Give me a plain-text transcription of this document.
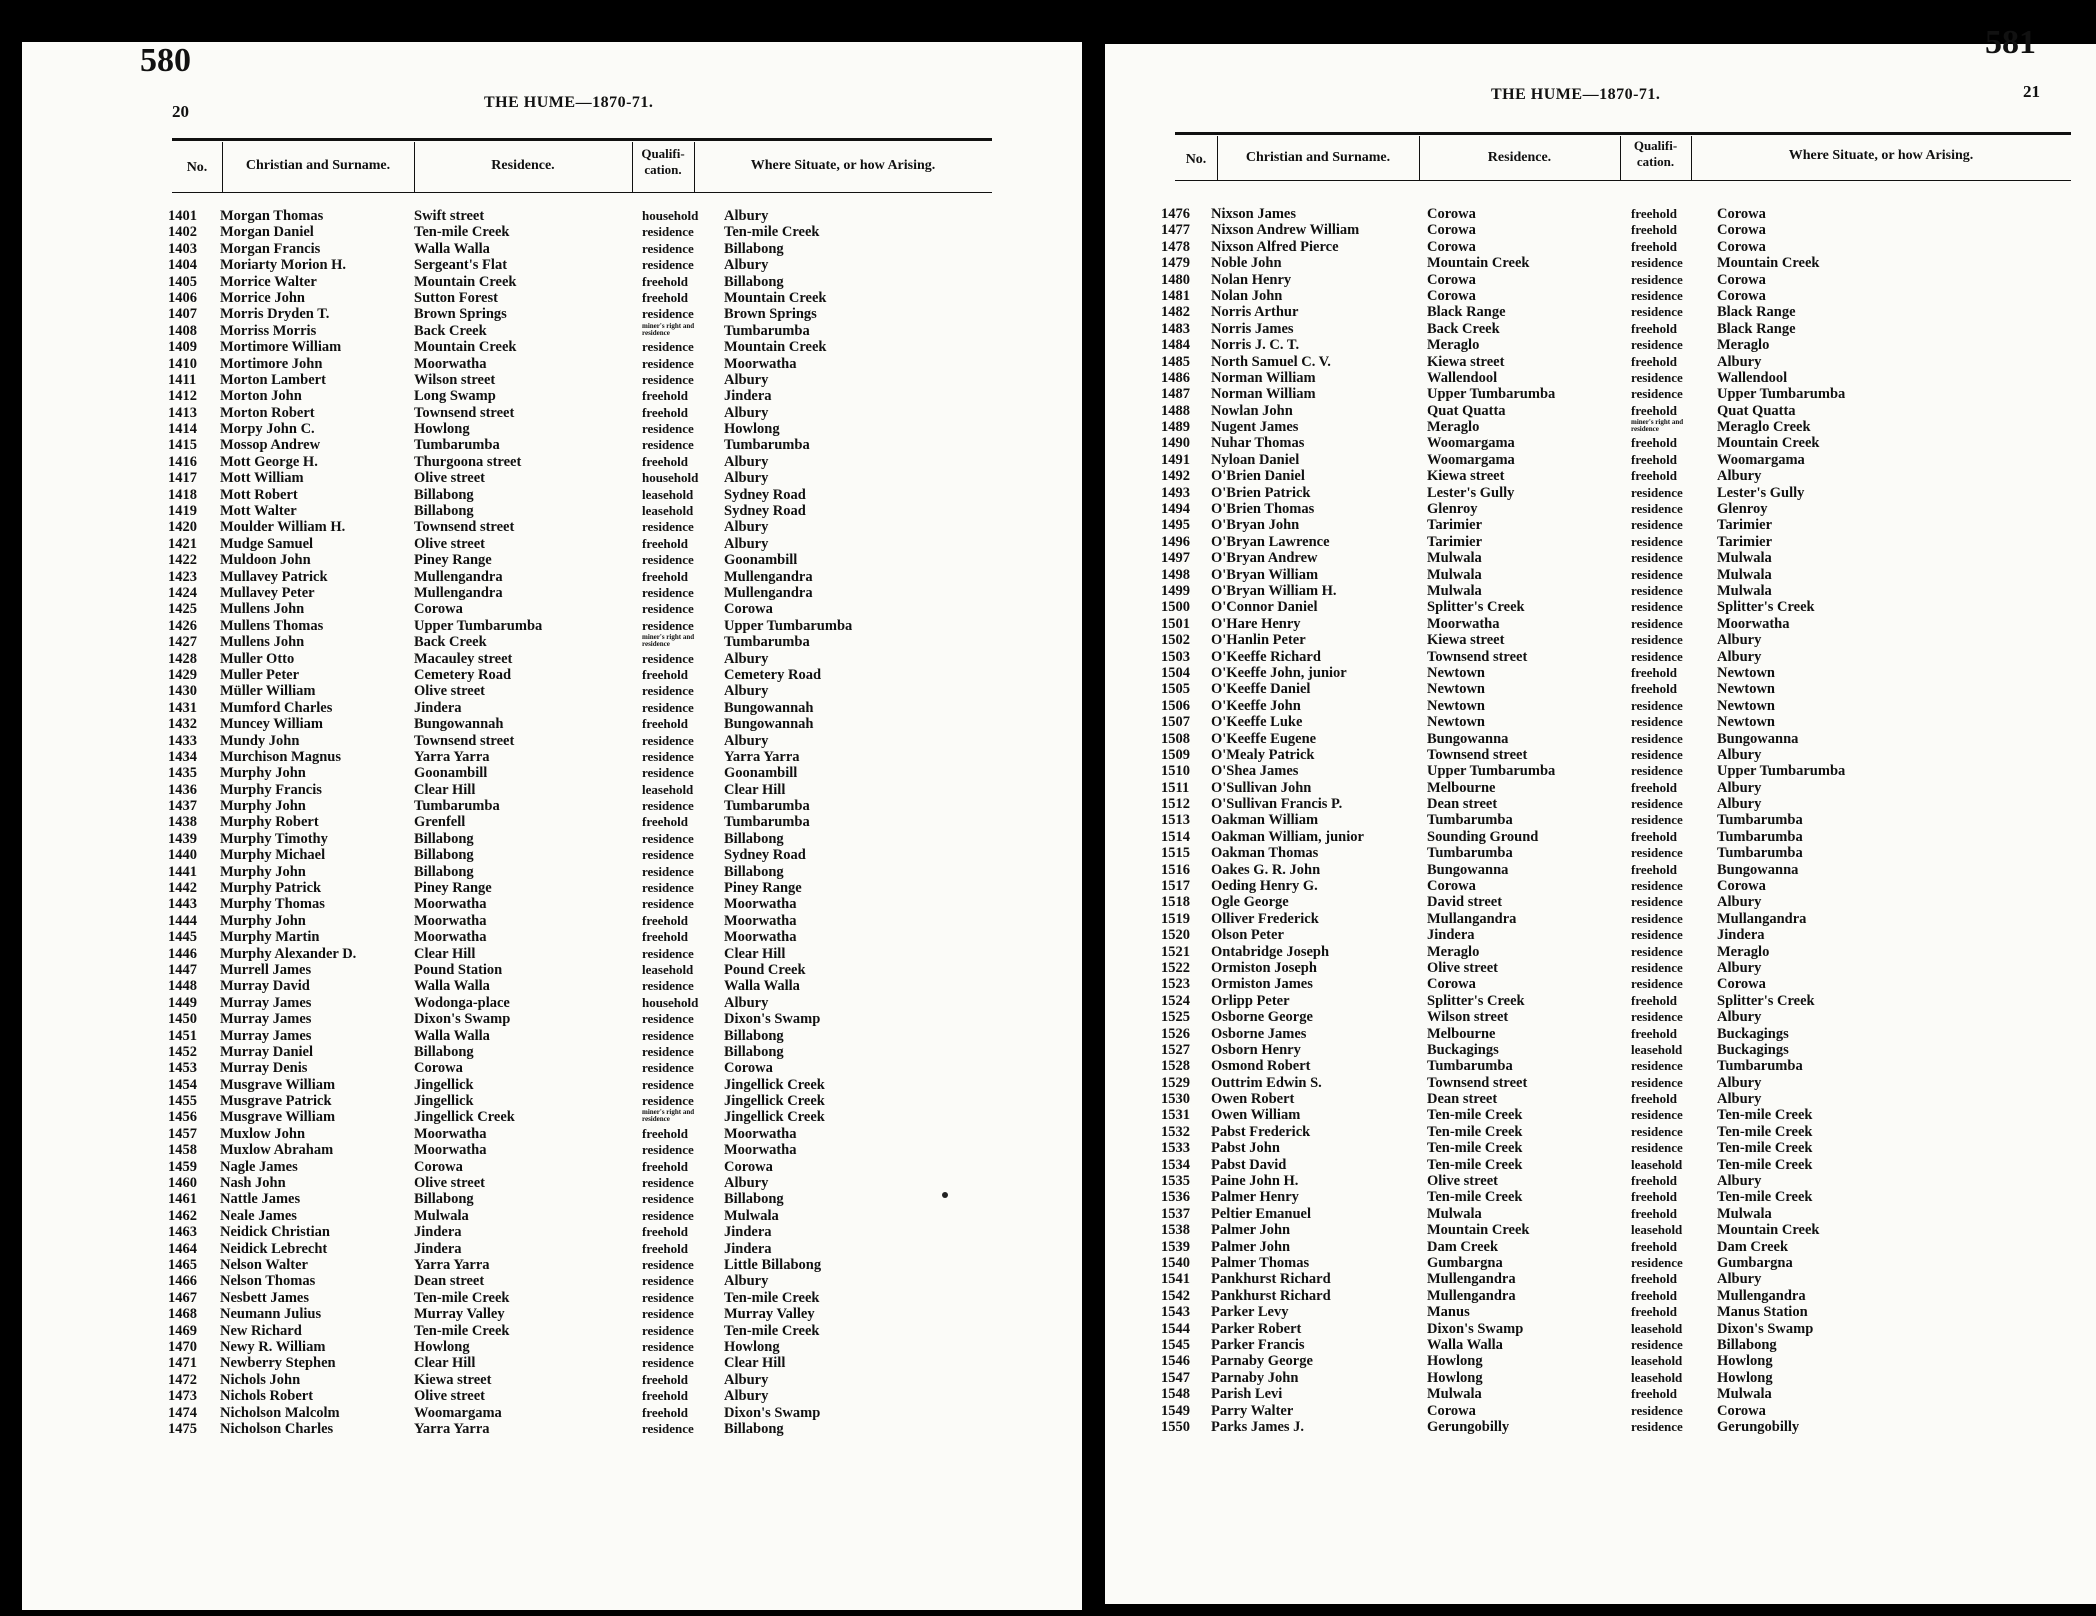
580
20	THE HUME—1870-71.
No.	Christian and Surname.	Residence.
Qualifi-
cation.	Where Situate, or how Arising.
1401	Morgan Thomas	Swift street	household	Albury
1402	Morgan Daniel	Ten-mile Creek	residence	Ten-mile Creek
1403	Morgan Francis	Walla Walla	residence	Billabong
1404	Moriarty Morion H.	Sergeant's Flat	residence	Albury
1405	Morrice Walter	Mountain Creek	freehold	Billabong
1406	Morrice John	Sutton Forest	freehold	Mountain Creek
1407	Morris Dryden T.	Brown Springs	residence	Brown Springs
1408	Morriss Morris	Back Creek	miner's right and residence	Tumbarumba
1409	Mortimore William	Mountain Creek	residence	Mountain Creek
1410	Mortimore John	Moorwatha	residence	Moorwatha
1411	Morton Lambert	Wilson street	residence	Albury
1412	Morton John	Long Swamp	freehold	Jindera
1413	Morton Robert	Townsend street	freehold	Albury
1414	Morpy John C.	Howlong	residence	Howlong
1415	Mossop Andrew	Tumbarumba	residence	Tumbarumba
1416	Mott George H.	Thurgoona street	freehold	Albury
1417	Mott William	Olive street	household	Albury
1418	Mott Robert	Billabong	leasehold	Sydney Road
1419	Mott Walter	Billabong	leasehold	Sydney Road
1420	Moulder William H.	Townsend street	residence	Albury
1421	Mudge Samuel	Olive street	freehold	Albury
1422	Muldoon John	Piney Range	residence	Goonambill
1423	Mullavey Patrick	Mullengandra	freehold	Mullengandra
1424	Mullavey Peter	Mullengandra	residence	Mullengandra
1425	Mullens John	Corowa	residence	Corowa
1426	Mullens Thomas	Upper Tumbarumba	residence	Upper Tumbarumba
1427	Mullens John	Back Creek	miner's right and residence	Tumbarumba
1428	Muller Otto	Macauley street	residence	Albury
1429	Muller Peter	Cemetery Road	freehold	Cemetery Road
1430	Müller William	Olive street	residence	Albury
1431	Mumford Charles	Jindera	residence	Bungowannah
1432	Muncey William	Bungowannah	freehold	Bungowannah
1433	Mundy John	Townsend street	residence	Albury
1434	Murchison Magnus	Yarra Yarra	residence	Yarra Yarra
1435	Murphy John	Goonambill	residence	Goonambill
1436	Murphy Francis	Clear Hill	leasehold	Clear Hill
1437	Murphy John	Tumbarumba	residence	Tumbarumba
1438	Murphy Robert	Grenfell	freehold	Tumbarumba
1439	Murphy Timothy	Billabong	residence	Billabong
1440	Murphy Michael	Billabong	residence	Sydney Road
1441	Murphy John	Billabong	residence	Billabong
1442	Murphy Patrick	Piney Range	residence	Piney Range
1443	Murphy Thomas	Moorwatha	residence	Moorwatha
1444	Murphy John	Moorwatha	freehold	Moorwatha
1445	Murphy Martin	Moorwatha	freehold	Moorwatha
1446	Murphy Alexander D.	Clear Hill	residence	Clear Hill
1447	Murrell James	Pound Station	leasehold	Pound Creek
1448	Murray David	Walla Walla	residence	Walla Walla
1449	Murray James	Wodonga-place	household	Albury
1450	Murray James	Dixon's Swamp	residence	Dixon's Swamp
1451	Murray James	Walla Walla	residence	Billabong
1452	Murray Daniel	Billabong	residence	Billabong
1453	Murray Denis	Corowa	residence	Corowa
1454	Musgrave William	Jingellick	residence	Jingellick Creek
1455	Musgrave Patrick	Jingellick	residence	Jingellick Creek
1456	Musgrave William	Jingellick Creek	miner's right and residence	Jingellick Creek
1457	Muxlow John	Moorwatha	freehold	Moorwatha
1458	Muxlow Abraham	Moorwatha	residence	Moorwatha
1459	Nagle James	Corowa	freehold	Corowa
1460	Nash John	Olive street	residence	Albury
1461	Nattle James	Billabong	residence	Billabong
1462	Neale James	Mulwala	residence	Mulwala
1463	Neidick Christian	Jindera	freehold	Jindera
1464	Neidick Lebrecht	Jindera	freehold	Jindera
1465	Nelson Walter	Yarra Yarra	residence	Little Billabong
1466	Nelson Thomas	Dean street	residence	Albury
1467	Nesbett James	Ten-mile Creek	residence	Ten-mile Creek
1468	Neumann Julius	Murray Valley	residence	Murray Valley
1469	New Richard	Ten-mile Creek	residence	Ten-mile Creek
1470	Newy R. William	Howlong	residence	Howlong
1471	Newberry Stephen	Clear Hill	residence	Clear Hill
1472	Nichols John	Kiewa street	freehold	Albury
1473	Nichols Robert	Olive street	freehold	Albury
1474	Nicholson Malcolm	Woomargama	freehold	Dixon's Swamp
1475	Nicholson Charles	Yarra Yarra	residence	Billabong
581
21
THE HUME—1870-71.
No.	Christian and Surname.	Residence.
Qualifi-
cation.	Where Situate, or how Arising.
1476	Nixson James	Corowa	freehold	Corowa
1477	Nixson Andrew William	Corowa	freehold	Corowa
1478	Nixson Alfred Pierce	Corowa	freehold	Corowa
1479	Noble John	Mountain Creek	residence	Mountain Creek
1480	Nolan Henry	Corowa	residence	Corowa
1481	Nolan John	Corowa	residence	Corowa
1482	Norris Arthur	Black Range	residence	Black Range
1483	Norris James	Back Creek	freehold	Black Range
1484	Norris J. C. T.	Meraglo	residence	Meraglo
1485	North Samuel C. V.	Kiewa street	freehold	Albury
1486	Norman William	Wallendool	residence	Wallendool
1487	Norman William	Upper Tumbarumba	residence	Upper Tumbarumba
1488	Nowlan John	Quat Quatta	freehold	Quat Quatta
1489	Nugent James	Meraglo	miner's right and residence	Meraglo Creek
1490	Nuhar Thomas	Woomargama	freehold	Mountain Creek
1491	Nyloan Daniel	Woomargama	freehold	Woomargama
1492	O'Brien Daniel	Kiewa street	freehold	Albury
1493	O'Brien Patrick	Lester's Gully	residence	Lester's Gully
1494	O'Brien Thomas	Glenroy	residence	Glenroy
1495	O'Bryan John	Tarimier	residence	Tarimier
1496	O'Bryan Lawrence	Tarimier	residence	Tarimier
1497	O'Bryan Andrew	Mulwala	residence	Mulwala
1498	O'Bryan William	Mulwala	residence	Mulwala
1499	O'Bryan William H.	Mulwala	residence	Mulwala
1500	O'Connor Daniel	Splitter's Creek	residence	Splitter's Creek
1501	O'Hare Henry	Moorwatha	residence	Moorwatha
1502	O'Hanlin Peter	Kiewa street	residence	Albury
1503	O'Keeffe Richard	Townsend street	residence	Albury
1504	O'Keeffe John, junior	Newtown	freehold	Newtown
1505	O'Keeffe Daniel	Newtown	freehold	Newtown
1506	O'Keeffe John	Newtown	residence	Newtown
1507	O'Keeffe Luke	Newtown	residence	Newtown
1508	O'Keeffe Eugene	Bungowanna	residence	Bungowanna
1509	O'Mealy Patrick	Townsend street	residence	Albury
1510	O'Shea James	Upper Tumbarumba	residence	Upper Tumbarumba
1511	O'Sullivan John	Melbourne	freehold	Albury
1512	O'Sullivan Francis P.	Dean street	residence	Albury
1513	Oakman William	Tumbarumba	residence	Tumbarumba
1514	Oakman William, junior	Sounding Ground	freehold	Tumbarumba
1515	Oakman Thomas	Tumbarumba	residence	Tumbarumba
1516	Oakes G. R. John	Bungowanna	freehold	Bungowanna
1517	Oeding Henry G.	Corowa	residence	Corowa
1518	Ogle George	David street	residence	Albury
1519	Olliver Frederick	Mullangandra	residence	Mullangandra
1520	Olson Peter	Jindera	residence	Jindera
1521	Ontabridge Joseph	Meraglo	residence	Meraglo
1522	Ormiston Joseph	Olive street	residence	Albury
1523	Ormiston James	Corowa	residence	Corowa
1524	Orlipp Peter	Splitter's Creek	freehold	Splitter's Creek
1525	Osborne George	Wilson street	residence	Albury
1526	Osborne James	Melbourne	freehold	Buckagings
1527	Osborn Henry	Buckagings	leasehold	Buckagings
1528	Osmond Robert	Tumbarumba	residence	Tumbarumba
1529	Outtrim Edwin S.	Townsend street	residence	Albury
1530	Owen Robert	Dean street	freehold	Albury
1531	Owen William	Ten-mile Creek	residence	Ten-mile Creek
1532	Pabst Frederick	Ten-mile Creek	residence	Ten-mile Creek
1533	Pabst John	Ten-mile Creek	residence	Ten-mile Creek
1534	Pabst David	Ten-mile Creek	leasehold	Ten-mile Creek
1535	Paine John H.	Olive street	freehold	Albury
1536	Palmer Henry	Ten-mile Creek	freehold	Ten-mile Creek
1537	Peltier Emanuel	Mulwala	freehold	Mulwala
1538	Palmer John	Mountain Creek	leasehold	Mountain Creek
1539	Palmer John	Dam Creek	freehold	Dam Creek
1540	Palmer Thomas	Gumbargna	residence	Gumbargna
1541	Pankhurst Richard	Mullengandra	freehold	Albury
1542	Pankhurst Richard	Mullengandra	freehold	Mullengandra
1543	Parker Levy	Manus	freehold	Manus Station
1544	Parker Robert	Dixon's Swamp	leasehold	Dixon's Swamp
1545	Parker Francis	Walla Walla	residence	Billabong
1546	Parnaby George	Howlong	leasehold	Howlong
1547	Parnaby John	Howlong	leasehold	Howlong
1548	Parish Levi	Mulwala	freehold	Mulwala
1549	Parry Walter	Corowa	residence	Corowa
1550	Parks James J.	Gerungobilly	residence	Gerungobilly
